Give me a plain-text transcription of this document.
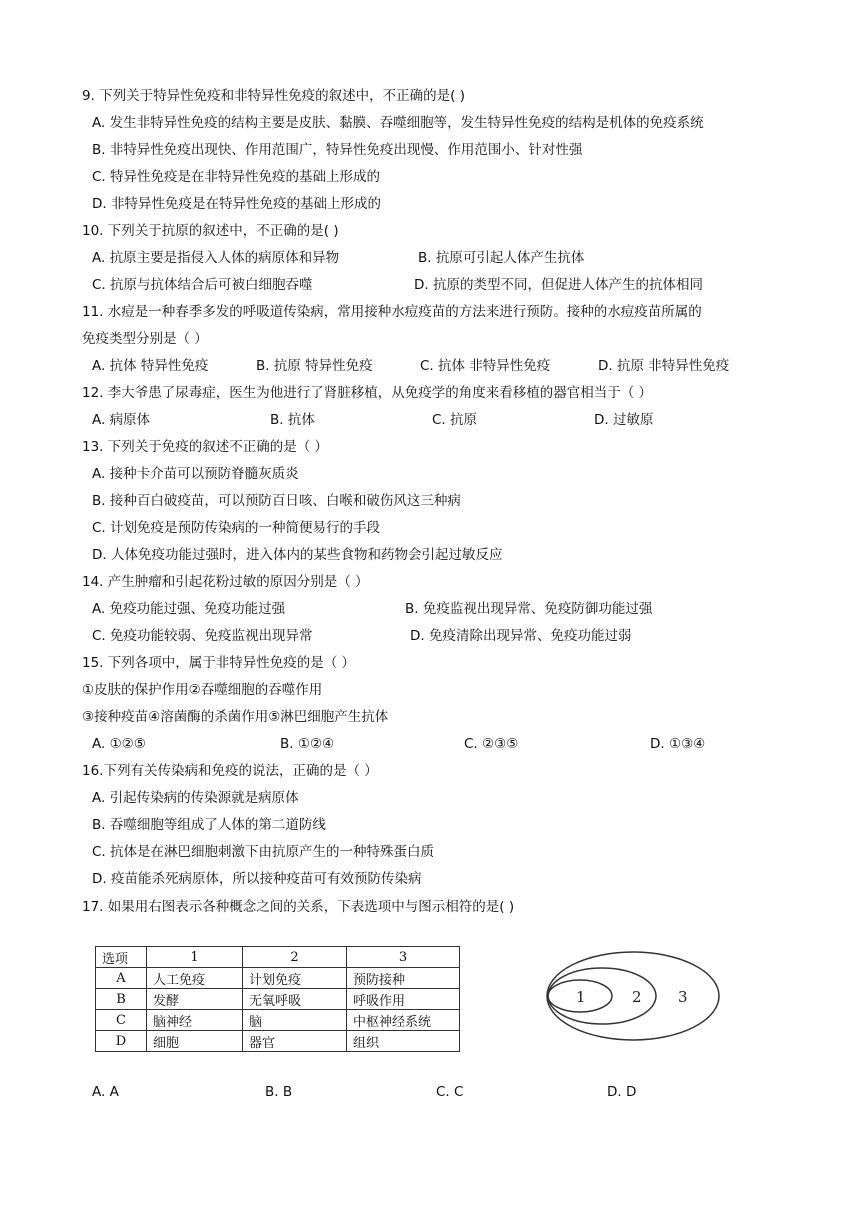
9. 下列关于特异性免疫和非特异性免疫的叙述中，不正确的是( )
A. 发生非特异性免疫的结构主要是皮肤、黏膜、吞噬细胞等，发生特异性免疫的结构是机体的免疫系统
B. 非特异性免疫出现快、作用范围广，特异性免疫出现慢、作用范围小、针对性强
C. 特异性免疫是在非特异性免疫的基础上形成的
D. 非特异性免疫是在特异性免疫的基础上形成的
10. 下列关于抗原的叙述中，不正确的是( )
A. 抗原主要是指侵入人体的病原体和异物	B. 抗原可引起人体产生抗体
C. 抗原与抗体结合后可被白细胞吞噬	D. 抗原的类型不同，但促进人体产生的抗体相同
11. 水痘是一种春季多发的呼吸道传染病，常用接种水痘疫苗的方法来进行预防。接种的水痘疫苗所属的
免疫类型分别是（ ）
A. 抗体 特异性免疫	B. 抗原 特异性免疫	C. 抗体 非特异性免疫	D. 抗原 非特异性免疫
12. 李大爷患了尿毒症，医生为他进行了肾脏移植，从免疫学的角度来看移植的器官相当于（ ）
A. 病原体	B. 抗体	C. 抗原	D. 过敏原
13. 下列关于免疫的叙述不正确的是（ ）
A. 接种卡介苗可以预防脊髓灰质炎
B. 接种百白破疫苗，可以预防百日咳、白喉和破伤风这三种病
C. 计划免疫是预防传染病的一种简便易行的手段
D. 人体免疫功能过强时，进入体内的某些食物和药物会引起过敏反应
14. 产生肿瘤和引起花粉过敏的原因分别是（ ）
A. 免疫功能过强、免疫功能过强	B. 免疫监视出现异常、免疫防御功能过强
C. 免疫功能较弱、免疫监视出现异常	D. 免疫清除出现异常、免疫功能过弱
15. 下列各项中，属于非特异性免疫的是（ ）
①皮肤的保护作用②吞噬细胞的吞噬作用
③接种疫苗④溶菌酶的杀菌作用⑤淋巴细胞产生抗体
A. ①②⑤	B. ①②④	C. ②③⑤	D. ①③④
16.下列有关传染病和免疫的说法，正确的是（ ）
A. 引起传染病的传染源就是病原体
B. 吞噬细胞等组成了人体的第二道防线
C. 抗体是在淋巴细胞刺激下由抗原产生的一种特殊蛋白质
D. 疫苗能杀死病原体，所以接种疫苗可有效预防传染病
17. 如果用右图表示各种概念之间的关系，下表选项中与图示相符的是( )
选项	1	2	3
A	人工免疫	计划免疫	预防接种
B	发酵	无氧呼吸	呼吸作用
C	脑神经	脑	中枢神经系统
D	细胞	器官	组织
1	2 3
A. A	B. B	C. C	D. D
